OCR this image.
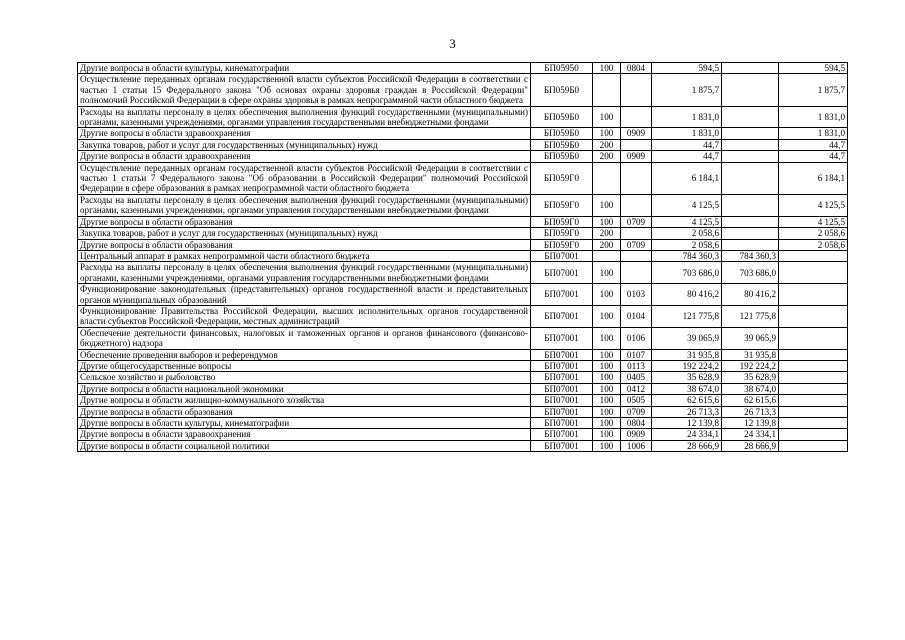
3
Другие вопросы в области культуры, кинематографии	БП05950	100	0804	594,5		594,5
Осуществление переданных органам государственной власти субъектов Российской Федерации в соответствии с частью 1 статьи 15 Федерального закона "Об основах охраны здоровья граждан в Российской Федерации" полномочий Российской Федерации в сфере охраны здоровья в рамках непрограммной части областного бюджета	БП059Б0			1 875,7		1 875,7
Расходы на выплаты персоналу в целях обеспечения выполнения функций государственными (муниципальными) органами, казенными учреждениями, органами управления государственными внебюджетными фондами	БП059Б0	100		1 831,0		1 831,0
Другие вопросы в области здравоохранения	БП059Б0	100	0909	1 831,0		1 831,0
Закупка товаров, работ и услуг для государственных (муниципальных) нужд	БП059Б0	200		44,7		44,7
Другие вопросы в области здравоохранения	БП059Б0	200	0909	44,7		44,7
Осуществление переданных органам государственной власти субъектов Российской Федерации в соответствии с частью 1 статьи 7 Федерального закона "Об образовании в Российской Федерации" полномочий Российской Федерации в сфере образования в рамках непрограммной части областного бюджета	БП059Г0			6 184,1		6 184,1
Расходы на выплаты персоналу в целях обеспечения выполнения функций государственными (муниципальными) органами, казенными учреждениями, органами управления государственными внебюджетными фондами	БП059Г0	100		4 125,5		4 125,5
Другие вопросы в области образования	БП059Г0	100	0709	4 125,5		4 125,5
Закупка товаров, работ и услуг для государственных (муниципальных) нужд	БП059Г0	200		2 058,6		2 058,6
Другие вопросы в области образования	БП059Г0	200	0709	2 058,6		2 058,6
Центральный аппарат в рамках непрограммной части областного бюджета	БП07001			784 360,3	784 360,3	
Расходы на выплаты персоналу в целях обеспечения выполнения функций государственными (муниципальными) органами, казенными учреждениями, органами управления государственными внебюджетными фондами	БП07001	100		703 686,0	703 686,0	
Функционирование законодательных (представительных) органов государственной власти и представительных органов муниципальных образований	БП07001	100	0103	80 416,2	80 416,2	
Функционирование Правительства Российской Федерации, высших исполнительных органов государственной власти субъектов Российской Федерации, местных администраций	БП07001	100	0104	121 775,8	121 775,8	
Обеспечение деятельности финансовых, налоговых и таможенных органов и органов финансового (финансово-бюджетного) надзора	БП07001	100	0106	39 065,9	39 065,9	
Обеспечение проведения выборов и референдумов	БП07001	100	0107	31 935,8	31 935,8	
Другие общегосударственные вопросы	БП07001	100	0113	192 224,2	192 224,2	
Сельское хозяйство и рыболовство	БП07001	100	0405	35 628,9	35 628,9	
Другие вопросы в области национальной экономики	БП07001	100	0412	38 674,0	38 674,0	
Другие вопросы в области жилищно-коммунального хозяйства	БП07001	100	0505	62 615,6	62 615,6	
Другие вопросы в области образования	БП07001	100	0709	26 713,3	26 713,3	
Другие вопросы в области культуры, кинематографии	БП07001	100	0804	12 139,8	12 139,8	
Другие вопросы в области здравоохранения	БП07001	100	0909	24 334,1	24 334,1	
Другие вопросы в области социальной политики	БП07001	100	1006	28 666,9	28 666,9	
